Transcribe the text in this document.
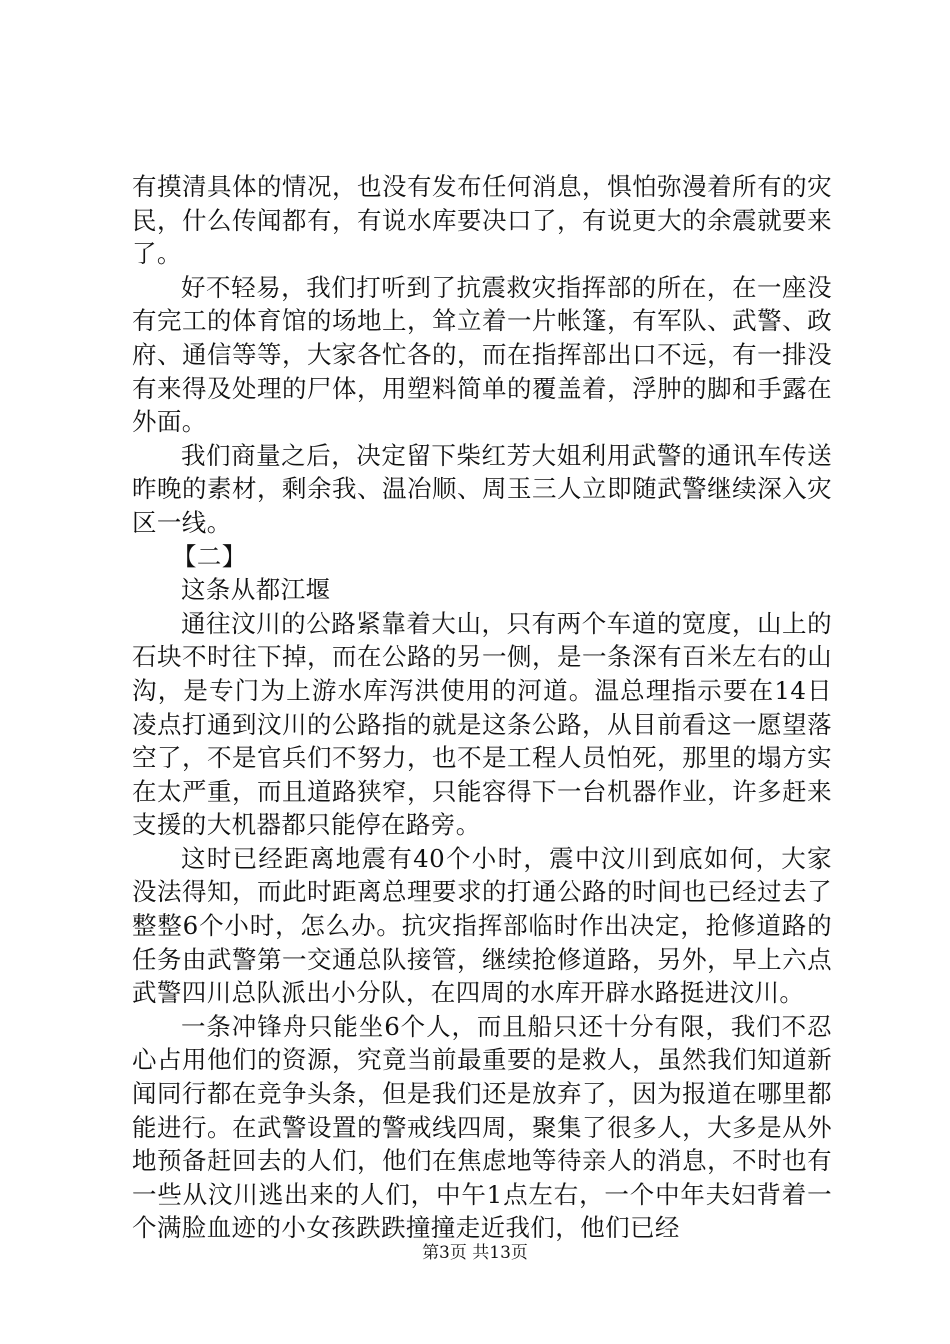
有摸清具体的情况，也没有发布任何消息，惧怕弥漫着所有的灾民，什么传闻都有，有说水库要决口了，有说更大的余震就要来了。

好不轻易，我们打听到了抗震救灾指挥部的所在，在一座没有完工的体育馆的场地上，耸立着一片帐篷，有军队、武警、政府、通信等等，大家各忙各的，而在指挥部出口不远，有一排没有来得及处理的尸体，用塑料简单的覆盖着，浮肿的脚和手露在外面。

我们商量之后，决定留下柴红芳大姐利用武警的通讯车传送昨晚的素材，剩余我、温冶顺、周玉三人立即随武警继续深入灾区一线。

【二】

这条从都江堰

通往汶川的公路紧靠着大山，只有两个车道的宽度，山上的石块不时往下掉，而在公路的另一侧，是一条深有百米左右的山沟，是专门为上游水库泻洪使用的河道。温总理指示要在14日凌点打通到汶川的公路指的就是这条公路，从目前看这一愿望落空了，不是官兵们不努力，也不是工程人员怕死，那里的塌方实在太严重，而且道路狭窄，只能容得下一台机器作业，许多赶来支援的大机器都只能停在路旁。

这时已经距离地震有40个小时，震中汶川到底如何，大家没法得知，而此时距离总理要求的打通公路的时间也已经过去了整整6个小时，怎么办。抗灾指挥部临时作出决定，抢修道路的任务由武警第一交通总队接管，继续抢修道路，另外，早上六点武警四川总队派出小分队，在四周的水库开辟水路挺进汶川。

一条冲锋舟只能坐6个人，而且船只还十分有限，我们不忍心占用他们的资源，究竟当前最重要的是救人，虽然我们知道新闻同行都在竞争头条，但是我们还是放弃了，因为报道在哪里都能进行。在武警设置的警戒线四周，聚集了很多人，大多是从外地预备赶回去的人们，他们在焦虑地等待亲人的消息，不时也有一些从汶川逃出来的人们，中午1点左右，一个中年夫妇背着一个满脸血迹的小女孩跌跌撞撞走近我们，他们已经

第3页 共13页
